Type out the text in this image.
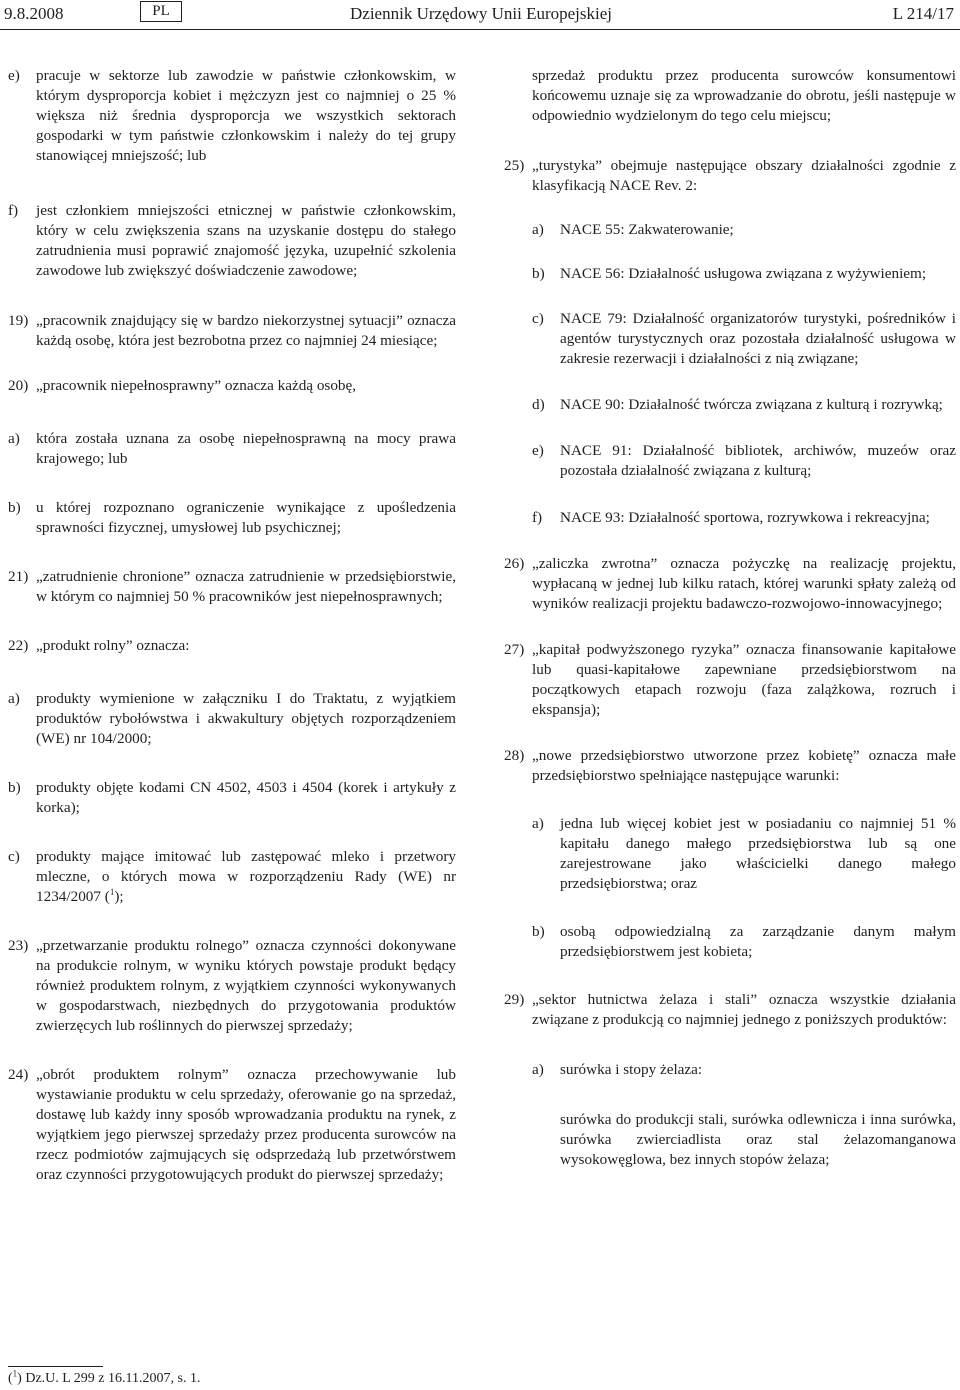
9.8.2008	PL	Dziennik Urzędowy Unii Europejskiej	L 214/17
e) pracuje w sektorze lub zawodzie w państwie członkowskim, w którym dysproporcja kobiet i mężczyzn jest co najmniej o 25 % większa niż średnia dysproporcja we wszystkich sektorach gospodarki w tym państwie członkowskim i należy do tej grupy stanowiącej mniejszość; lub
f) jest członkiem mniejszości etnicznej w państwie członkowskim, który w celu zwiększenia szans na uzyskanie dostępu do stałego zatrudnienia musi poprawić znajomość języka, uzupełnić szkolenia zawodowe lub zwiększyć doświadczenie zawodowe;
19) „pracownik znajdujący się w bardzo niekorzystnej sytuacji” oznacza każdą osobę, która jest bezrobotna przez co najmniej 24 miesiące;
20) „pracownik niepełnosprawny” oznacza każdą osobę,
a) która została uznana za osobę niepełnosprawną na mocy prawa krajowego; lub
b) u której rozpoznano ograniczenie wynikające z upośledzenia sprawności fizycznej, umysłowej lub psychicznej;
21) „zatrudnienie chronione” oznacza zatrudnienie w przedsiębiorstwie, w którym co najmniej 50 % pracowników jest niepełnosprawnych;
22) „produkt rolny” oznacza:
a) produkty wymienione w załączniku I do Traktatu, z wyjątkiem produktów rybołówstwa i akwakultury objętych rozporządzeniem (WE) nr 104/2000;
b) produkty objęte kodami CN 4502, 4503 i 4504 (korek i artykuły z korka);
c) produkty mające imitować lub zastępować mleko i przetwory mleczne, o których mowa w rozporządzeniu Rady (WE) nr 1234/2007 ($^1$);
23) „przetwarzanie produktu rolnego” oznacza czynności dokonywane na produkcie rolnym, w wyniku których powstaje produkt będący również produktem rolnym, z wyjątkiem czynności wykonywanych w gospodarstwach, niezbędnych do przygotowania produktów zwierzęcych lub roślinnych do pierwszej sprzedaży;
24) „obrót produktem rolnym” oznacza przechowywanie lub wystawianie produktu w celu sprzedaży, oferowanie go na sprzedaż, dostawę lub każdy inny sposób wprowadzania produktu na rynek, z wyjątkiem jego pierwszej sprzedaży przez producenta surowców na rzecz podmiotów zajmujących się odsprzedażą lub przetwórstwem oraz czynności przygotowujących produkt do pierwszej sprzedaży;
sprzedaż produktu przez producenta surowców konsumentowi końcowemu uznaje się za wprowadzanie do obrotu, jeśli następuje w odpowiednio wydzielonym do tego celu miejscu;
25) „turystyka” obejmuje następujące obszary działalności zgodnie z klasyfikacją NACE Rev. 2:
a) NACE 55: Zakwaterowanie;
b) NACE 56: Działalność usługowa związana z wyżywieniem;
c) NACE 79: Działalność organizatorów turystyki, pośredników i agentów turystycznych oraz pozostała działalność usługowa w zakresie rezerwacji i działalności z nią związane;
d) NACE 90: Działalność twórcza związana z kulturą i rozrywką;
e) NACE 91: Działalność bibliotek, archiwów, muzeów oraz pozostała działalność związana z kulturą;
f) NACE 93: Działalność sportowa, rozrywkowa i rekreacyjna;
26) „zaliczka zwrotna” oznacza pożyczkę na realizację projektu, wypłacaną w jednej lub kilku ratach, której warunki spłaty zależą od wyników realizacji projektu badawczo-rozwojowo-innowacyjnego;
27) „kapitał podwyższonego ryzyka” oznacza finansowanie kapitałowe lub quasi-kapitałowe zapewniane przedsiębiorstwom na początkowych etapach rozwoju (faza zalążkowa, rozruch i ekspansja);
28) „nowe przedsiębiorstwo utworzone przez kobietę” oznacza małe przedsiębiorstwo spełniające następujące warunki:
a) jedna lub więcej kobiet jest w posiadaniu co najmniej 51 % kapitału danego małego przedsiębiorstwa lub są one zarejestrowane jako właścicielki danego małego przedsiębiorstwa; oraz
b) osobą odpowiedzialną za zarządzanie danym małym przedsiębiorstwem jest kobieta;
29) „sektor hutnictwa żelaza i stali” oznacza wszystkie działania związane z produkcją co najmniej jednego z poniższych produktów:
a) surówka i stopy żelaza:
surówka do produkcji stali, surówka odlewnicza i inna surówka, surówka zwierciadlista oraz stal żelazomanganowa wysokowęglowa, bez innych stopów żelaza;
($^1$) Dz.U. L 299 z 16.11.2007, s. 1.
